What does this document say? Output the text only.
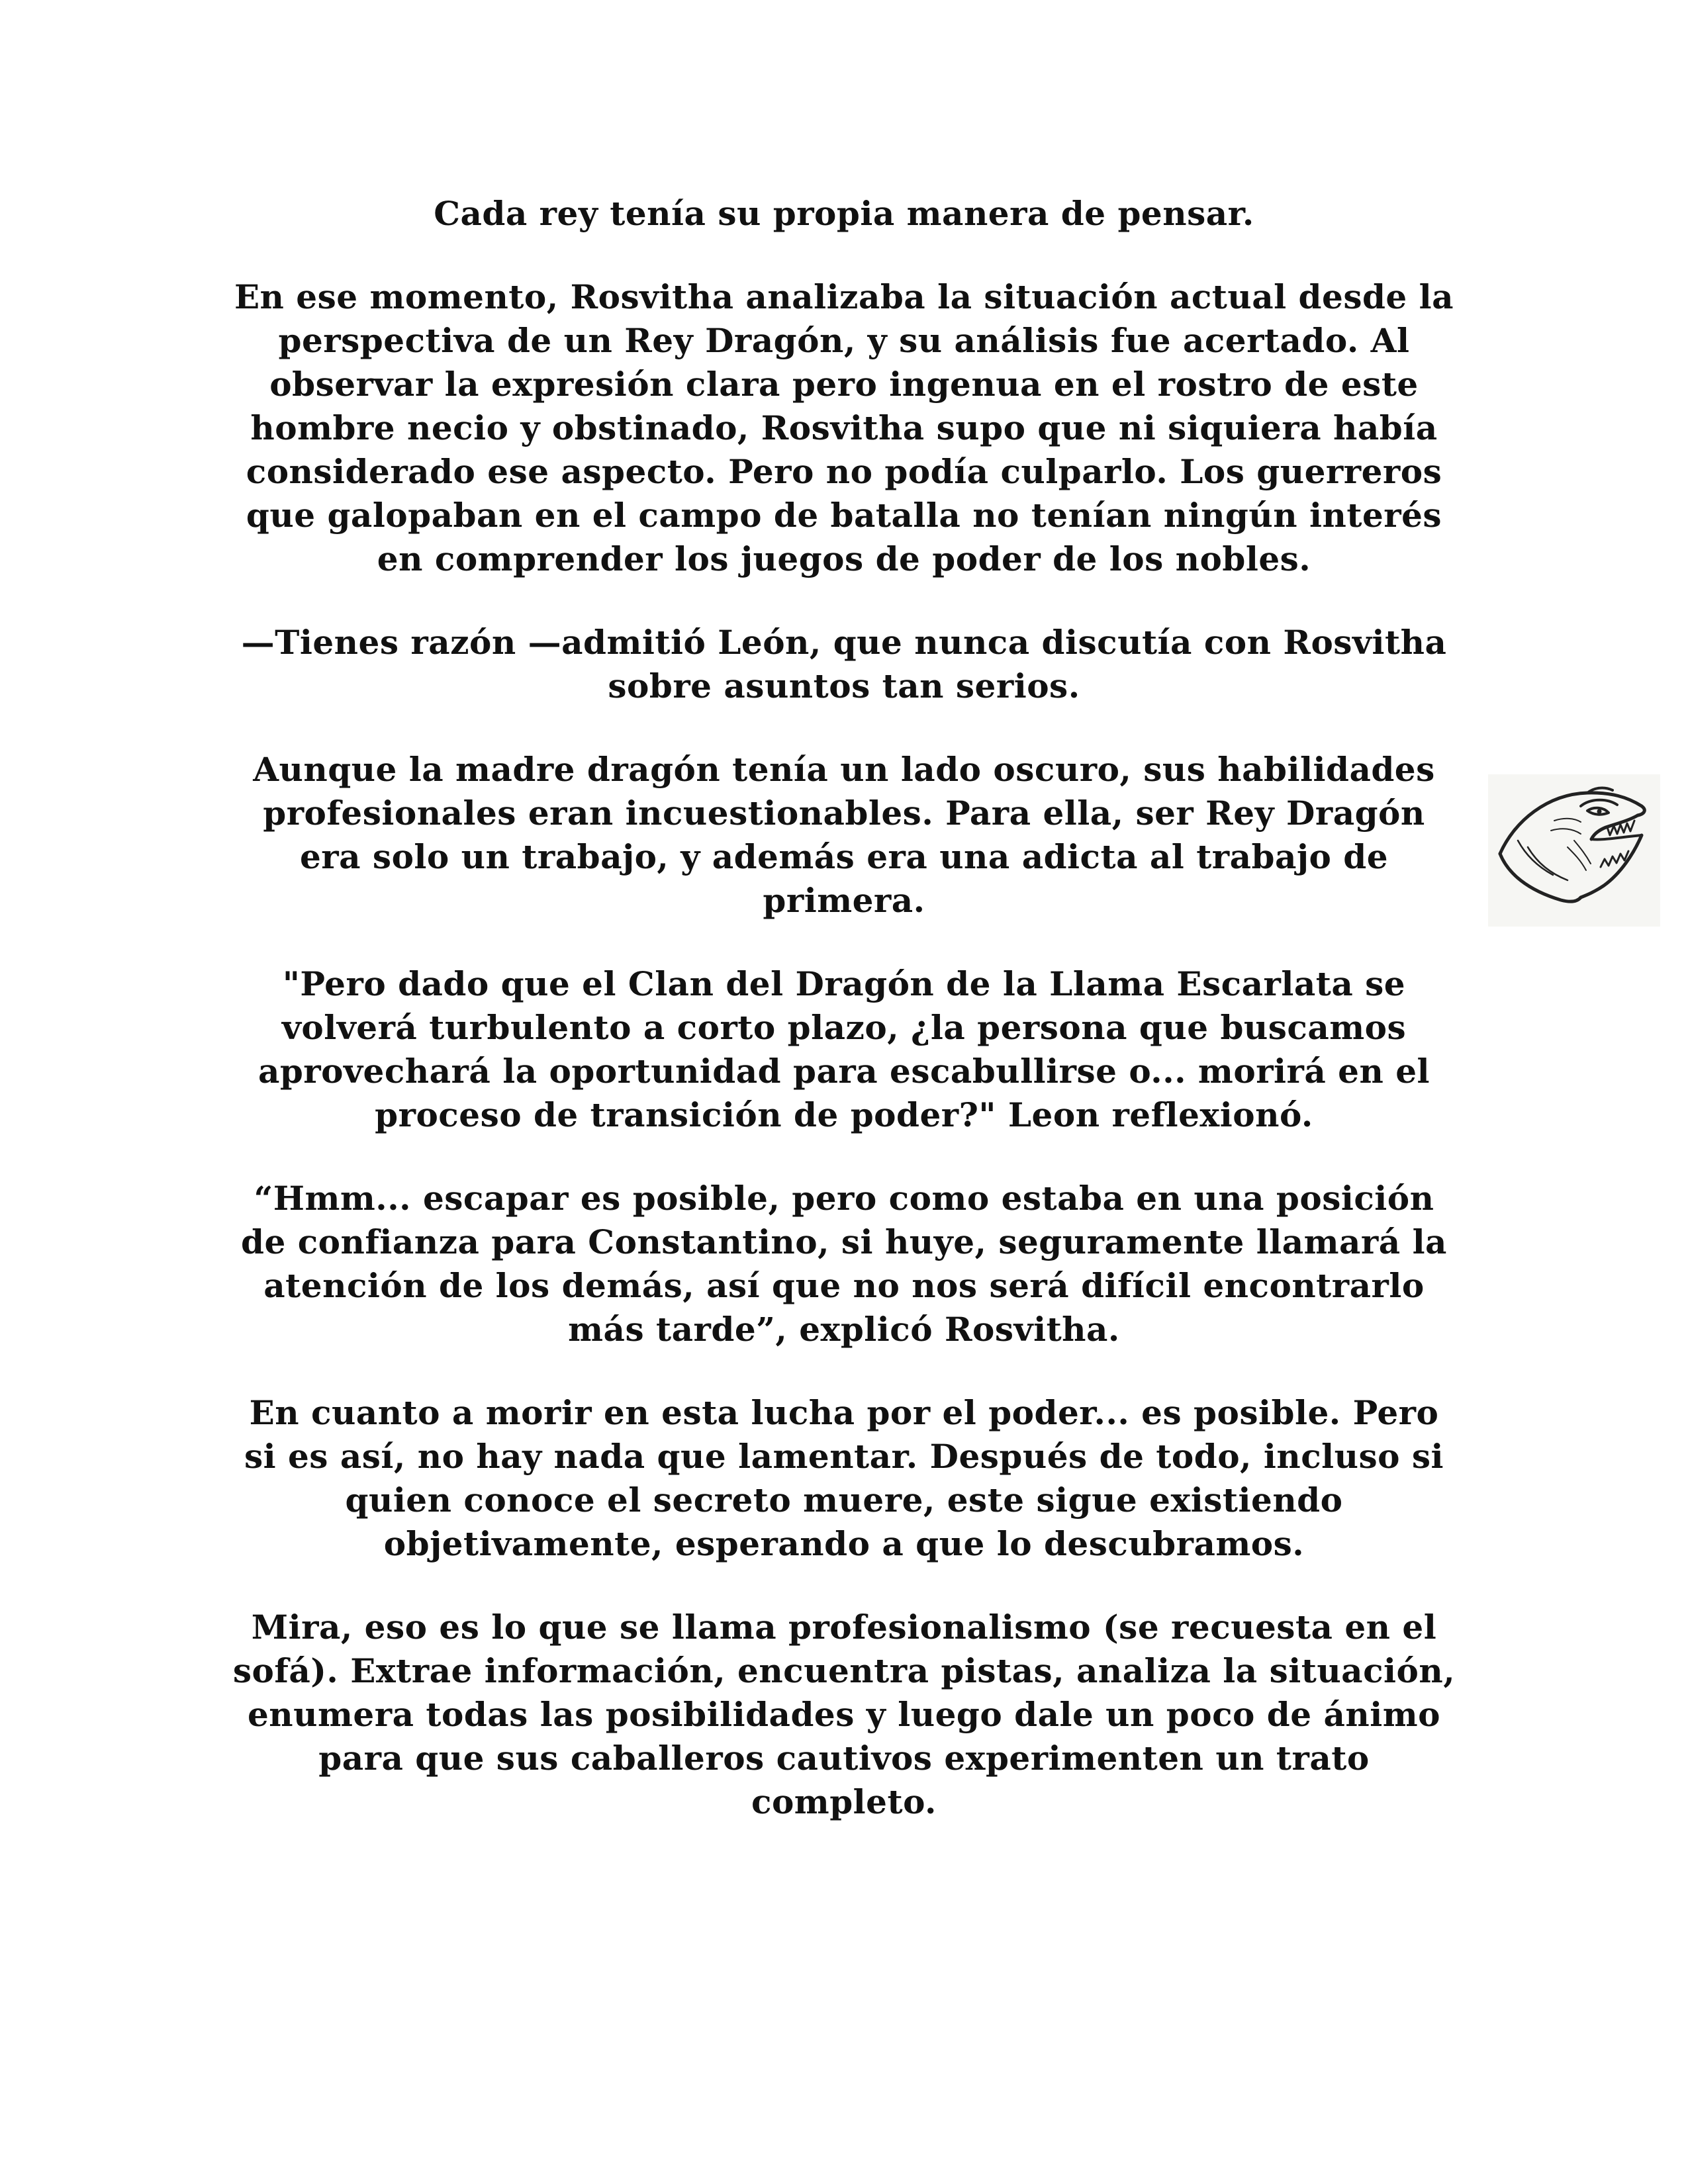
Cada rey tenía su propia manera de pensar.

En ese momento, Rosvitha analizaba la situación actual desde la perspectiva de un Rey Dragón, y su análisis fue acertado. Al observar la expresión clara pero ingenua en el rostro de este hombre necio y obstinado, Rosvitha supo que ni siquiera había considerado ese aspecto. Pero no podía culparlo. Los guerreros que galopaban en el campo de batalla no tenían ningún interés en comprender los juegos de poder de los nobles.

—Tienes razón —admitió León, que nunca discutía con Rosvitha sobre asuntos tan serios.

Aunque la madre dragón tenía un lado oscuro, sus habilidades profesionales eran incuestionables. Para ella, ser Rey Dragón era solo un trabajo, y además era una adicta al trabajo de primera.

"Pero dado que el Clan del Dragón de la Llama Escarlata se volverá turbulento a corto plazo, ¿la persona que buscamos aprovechará la oportunidad para escabullirse o... morirá en el proceso de transición de poder?" Leon reflexionó.

“Hmm... escapar es posible, pero como estaba en una posición de confianza para Constantino, si huye, seguramente llamará la atención de los demás, así que no nos será difícil encontrarlo más tarde”, explicó Rosvitha.

En cuanto a morir en esta lucha por el poder... es posible. Pero si es así, no hay nada que lamentar. Después de todo, incluso si quien conoce el secreto muere, este sigue existiendo objetivamente, esperando a que lo descubramos.

Mira, eso es lo que se llama profesionalismo (se recuesta en el sofá). Extrae información, encuentra pistas, analiza la situación, enumera todas las posibilidades y luego dale un poco de ánimo para que sus caballeros cautivos experimenten un trato completo.
